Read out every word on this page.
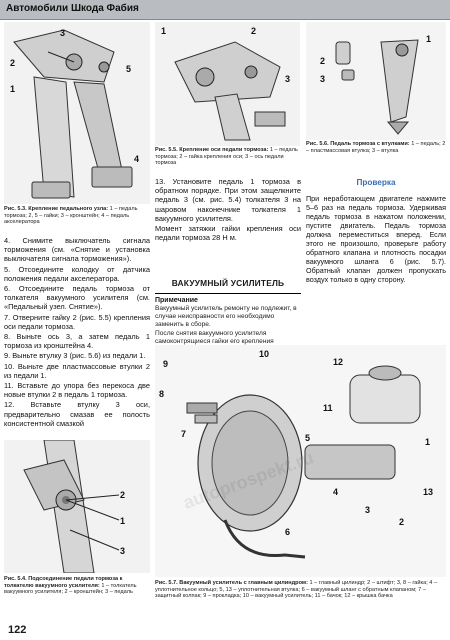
Автомобили Шкода Фабия
3
2
1
4
5
Рис. 5.3. Крепление педального узла: 1 – педаль тормоза; 2, 5 – гайки; 3 – кронштейн; 4 – педаль акселератора
1	2
3
Рис. 5.5. Крепление оси педали тормоза: 1 – педаль тормоза; 2 – гайка крепления оси; 3 – ось педали тормоза
1
2
3
Рис. 5.6. Педаль тормоза с втулками: 1 – педаль; 2 – пластмассовая втулка; 3 – втулка
4. Снимите выключатель сигнала торможения (см. «Снятие и установка выключателя сигнала торможения»).
5. Отсоедините колодку от датчика положения педали акселератора.
6. Отсоедините педаль тормоза от толкателя вакуумного усилителя (см. «Педальный узел. Снятие»).
7. Отверните гайку 2 (рис. 5.5) крепления оси педали тормоза.
8. Выньте ось 3, а затем педаль 1 тормоза из кронштейна 4.
9. Выньте втулку 3 (рис. 5.6) из педали 1.
10. Выньте две пластмассовые втулки 2 из педали 1.
11. Вставьте до упора без перекоса две новые втулки 2 в педаль 1 тормоза.
12. Вставьте втулку 3 оси, предварительно смазав ее полость консистентной смазкой
13. Установите педаль 1 тормоза в обратном порядке. При этом защелкните педаль 3 (см. рис. 5.4) толкателя 3 на шаровом наконечнике толкателя 1 вакуумного усилителя.
Момент затяжки гайки крепления оси педали тормоза 28 Н м.
ВАКУУМНЫЙ УСИЛИТЕЛЬ
Примечание
Вакуумный усилитель ремонту не подлежит, в случае неисправности его необходимо заменить в сборе.
После снятия вакуумного усилителя самоконтрящиеся гайки его крепления
Проверка
При неработающем двигателе нажмите 5–6 раз на педаль тормоза. Удерживая педаль тормоза в нажатом положении, пустите двигатель. Педаль тормоза должна переместиться вперед. Если этого не произошло, проверьте работу обратного клапана и плотность посадки вакуумного шланга 6 (рис. 5.7). Обратный клапан должен пропускать воздух только в одну сторону.
2
1
3
Рис. 5.4. Подсоединение педали тормоза к толкателю вакуумного усилителя: 1 – толкатель вакуумного усилителя; 2 – кронштейн; 3 – педаль
12
11
10
9
8
7
6
5
4
3
2
1
13
Рис. 5.7. Вакуумный усилитель с главным цилиндром: 1 – главный цилиндр; 2 – штифт; 3, 8 – гайка; 4 – уплотнительное кольцо; 5, 13 – уплотнительная втулка; 6 – вакуумный шланг с обратным клапаном; 7 – защитный колпак; 9 – прокладка; 10 – вакуумный усилитель; 11 – бачок; 12 – крышка бачка
autoprospekt.ru
122
